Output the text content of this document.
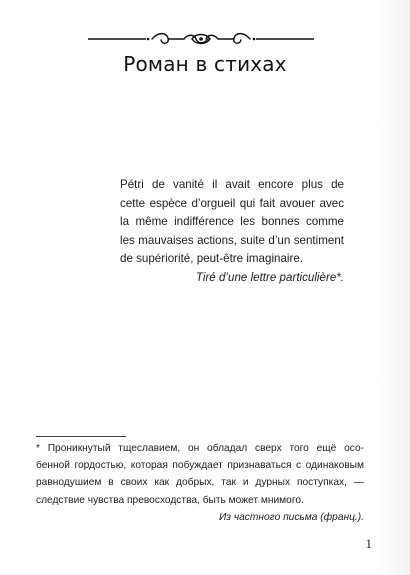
Роман в стихах
Pétri de vanité il avait encore plus de
cette espèce d’orgueil qui fait avouer avec
la même indifférence les bonnes comme
les mauvaises actions, suite d’un sentiment
de supériorité, peut-être imaginaire.
Tiré d’une lettre particulière*.
* Проникнутый тщеславием, он обладал сверх того ещё осо-
бенной гордостью, которая побуждает признаваться с одинаковым
равнодушием в своих как добрых, так и дурных поступках, —
следствие чувства превосходства, быть может мнимого.
Из частного письма (франц.).
1
